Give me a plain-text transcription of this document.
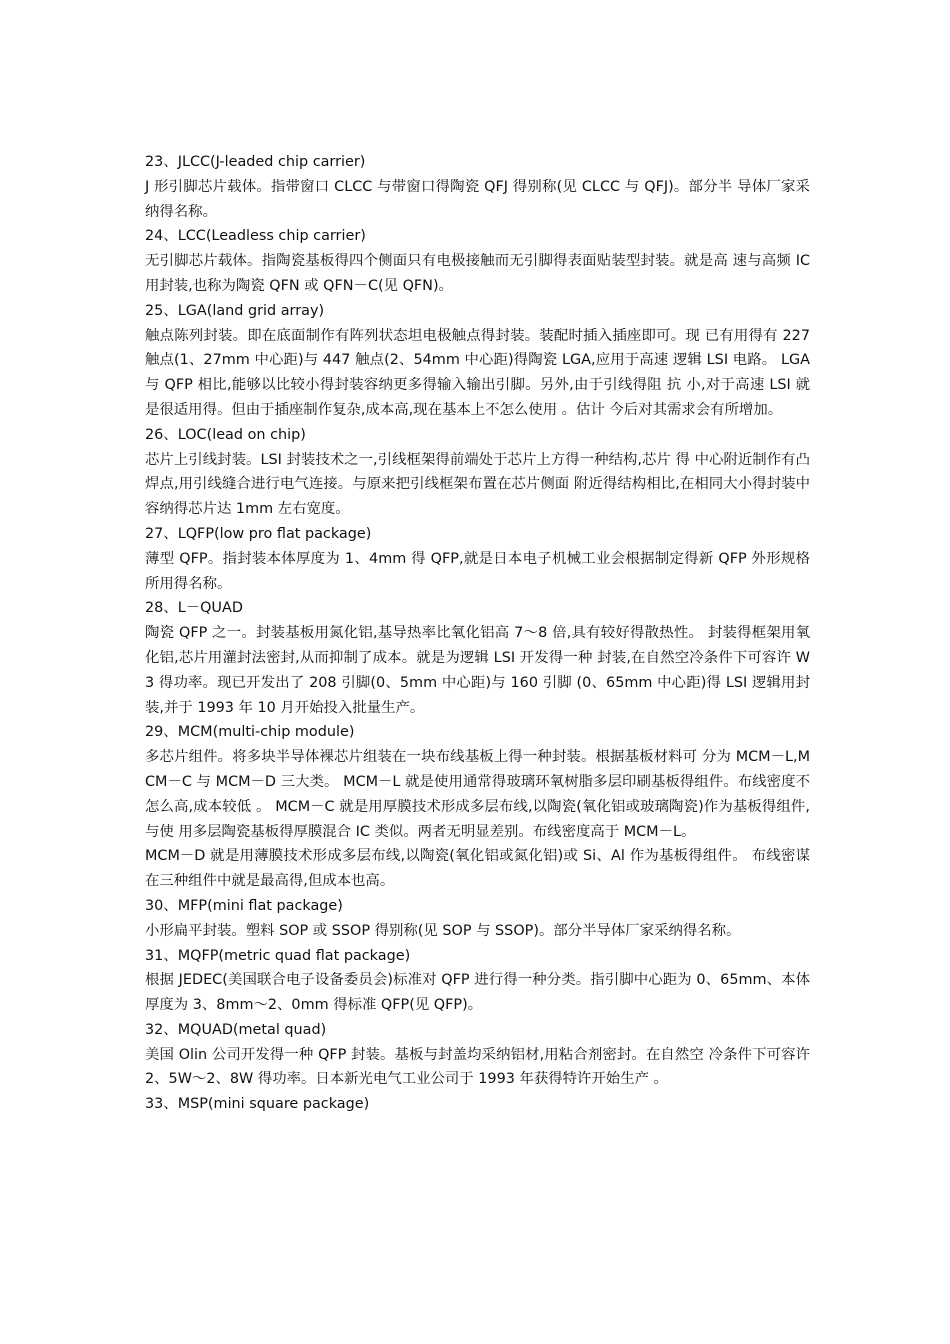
23、JLCC(J-leaded chip carrier)

J 形引脚芯片载体。指带窗口 CLCC 与带窗口得陶瓷 QFJ 得别称(见 CLCC 与 QFJ)。部分半 导体厂家采纳得名称。

24、LCC(Leadless chip carrier)

无引脚芯片载体。指陶瓷基板得四个侧面只有电极接触而无引脚得表面贴装型封装。就是高 速与高频 IC 用封装,也称为陶瓷 QFN 或 QFN－C(见 QFN)。

25、LGA(land grid array)

触点陈列封装。即在底面制作有阵列状态坦电极触点得封装。装配时插入插座即可。现 已有用得有 227 触点(1、27mm 中心距)与 447 触点(2、54mm 中心距)得陶瓷 LGA,应用于高速 逻辑 LSI 电路。 LGA 与 QFP 相比,能够以比较小得封装容纳更多得输入输出引脚。另外,由于引线得阻 抗 小,对于高速 LSI 就是很适用得。但由于插座制作复杂,成本高,现在基本上不怎么使用 。估计 今后对其需求会有所增加。

26、LOC(lead on chip)

芯片上引线封装。LSI 封装技术之一,引线框架得前端处于芯片上方得一种结构,芯片 得 中心附近制作有凸焊点,用引线缝合进行电气连接。与原来把引线框架布置在芯片侧面 附近得结构相比,在相同大小得封装中容纳得芯片达 1mm 左右宽度。

27、LQFP(low pro flat package)

薄型 QFP。指封装本体厚度为 1、4mm 得 QFP,就是日本电子机械工业会根据制定得新 QFP 外形规格所用得名称。

28、L－QUAD

陶瓷 QFP 之一。封装基板用氮化铝,基导热率比氧化铝高 7～8 倍,具有较好得散热性。 封装得框架用氧化铝,芯片用灌封法密封,从而抑制了成本。就是为逻辑 LSI 开发得一种 封装,在自然空冷条件下可容许 W3 得功率。现已开发出了 208 引脚(0、5mm 中心距)与 160 引脚 (0、65mm 中心距)得 LSI 逻辑用封装,并于 1993 年 10 月开始投入批量生产。

29、MCM(multi-chip module)

多芯片组件。将多块半导体裸芯片组装在一块布线基板上得一种封装。根据基板材料可 分为 MCM－L,MCM－C 与 MCM－D 三大类。 MCM－L 就是使用通常得玻璃环氧树脂多层印刷基板得组件。布线密度不怎么高,成本较低 。 MCM－C 就是用厚膜技术形成多层布线,以陶瓷(氧化铝或玻璃陶瓷)作为基板得组件,与使 用多层陶瓷基板得厚膜混合 IC 类似。两者无明显差别。布线密度高于 MCM－L。

MCM－D 就是用薄膜技术形成多层布线,以陶瓷(氧化铝或氮化铝)或 Si、Al 作为基板得组件。 布线密谋在三种组件中就是最高得,但成本也高。

30、MFP(mini flat package)

小形扁平封装。塑料 SOP 或 SSOP 得别称(见 SOP 与 SSOP)。部分半导体厂家采纳得名称。

31、MQFP(metric quad flat package)

根据 JEDEC(美国联合电子设备委员会)标准对 QFP 进行得一种分类。指引脚中心距为 0、65mm、本体厚度为 3、8mm～2、0mm 得标准 QFP(见 QFP)。

32、MQUAD(metal quad)

美国 Olin 公司开发得一种 QFP 封装。基板与封盖均采纳铝材,用粘合剂密封。在自然空 冷条件下可容许 2、5W～2、8W 得功率。日本新光电气工业公司于 1993 年获得特许开始生产 。

33、MSP(mini square package)
